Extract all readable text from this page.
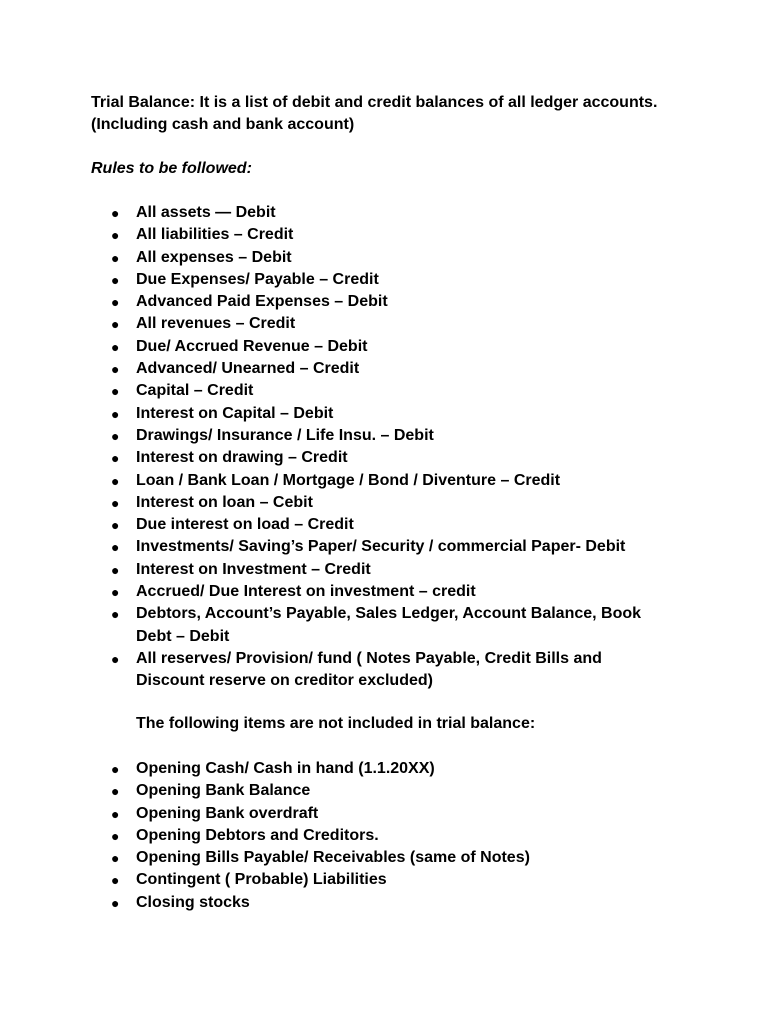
Trial Balance: It is a list of debit and credit balances of all ledger accounts.
(Including cash and bank account)

Rules to be followed:

● All assets — Debit
● All liabilities – Credit
● All expenses – Debit
● Due Expenses/ Payable – Credit
● Advanced Paid Expenses – Debit
● All revenues – Credit
● Due/ Accrued Revenue – Debit
● Advanced/ Unearned – Credit
● Capital – Credit
● Interest on Capital – Debit
● Drawings/ Insurance / Life Insu. – Debit
● Interest on drawing – Credit
● Loan / Bank Loan / Mortgage / Bond / Diventure – Credit
● Interest on loan – Cebit
● Due interest on load – Credit
● Investments/ Saving’s Paper/ Security / commercial Paper- Debit
● Interest on Investment – Credit
● Accrued/ Due Interest on investment – credit
● Debtors, Account’s Payable, Sales Ledger, Account Balance, Book
Debt – Debit
● All reserves/ Provision/ fund ( Notes Payable, Credit Bills and
Discount reserve on creditor excluded)

The following items are not included in trial balance:

● Opening Cash/ Cash in hand (1.1.20XX)
● Opening Bank Balance
● Opening Bank overdraft
● Opening Debtors and Creditors.
● Opening Bills Payable/ Receivables (same of Notes)
● Contingent ( Probable) Liabilities
● Closing stocks
